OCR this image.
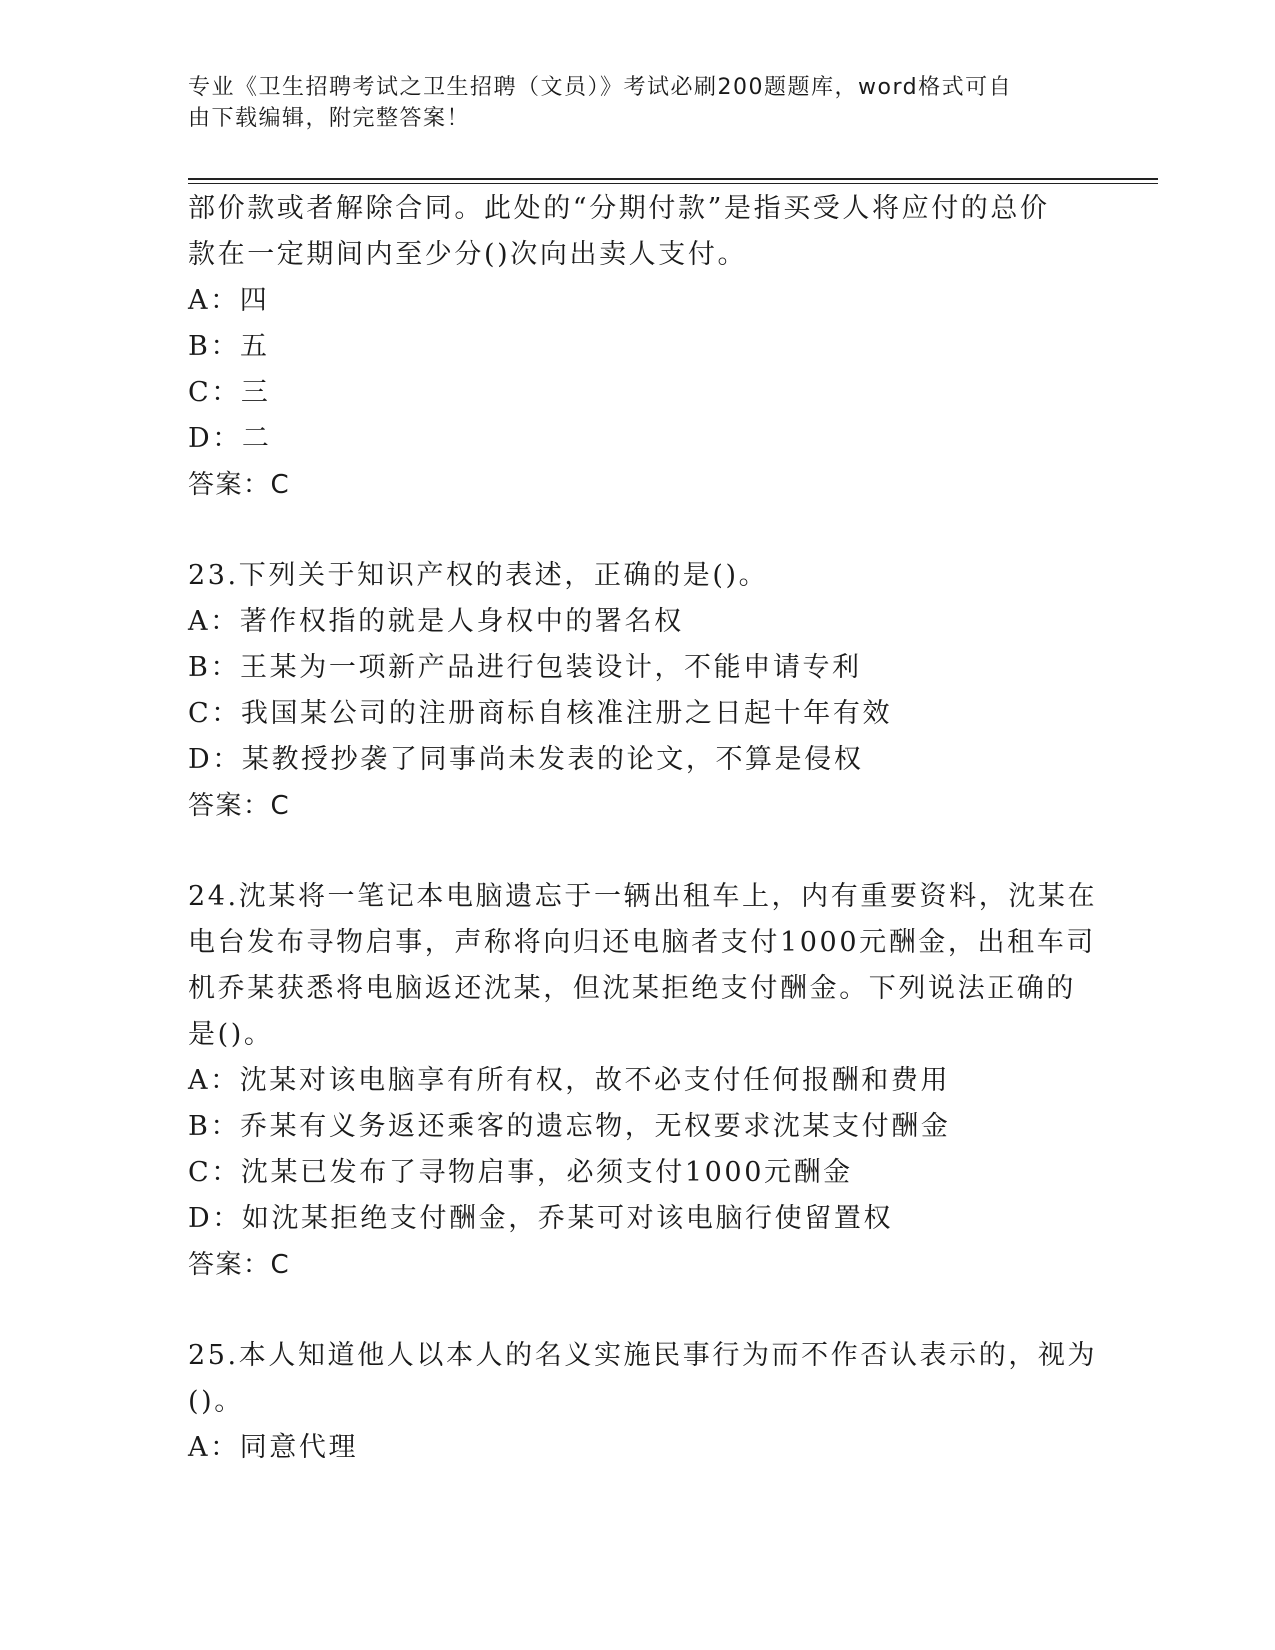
专业《卫生招聘考试之卫生招聘（文员）》考试必刷200题题库，word格式可自
由下载编辑，附完整答案！
部价款或者解除合同。此处的“分期付款”是指买受人将应付的总价
款在一定期间内至少分()次向出卖人支付。
A：四
B：五
C：三
D：二
答案：C
23.下列关于知识产权的表述，正确的是()。
A：著作权指的就是人身权中的署名权
B：王某为一项新产品进行包装设计，不能申请专利
C：我国某公司的注册商标自核准注册之日起十年有效
D：某教授抄袭了同事尚未发表的论文，不算是侵权
答案：C
24.沈某将一笔记本电脑遗忘于一辆出租车上，内有重要资料，沈某在
电台发布寻物启事，声称将向归还电脑者支付1000元酬金，出租车司
机乔某获悉将电脑返还沈某，但沈某拒绝支付酬金。下列说法正确的
是()。
A：沈某对该电脑享有所有权，故不必支付任何报酬和费用
B：乔某有义务返还乘客的遗忘物，无权要求沈某支付酬金
C：沈某已发布了寻物启事，必须支付1000元酬金
D：如沈某拒绝支付酬金，乔某可对该电脑行使留置权
答案：C
25.本人知道他人以本人的名义实施民事行为而不作否认表示的，视为
()。
A：同意代理
